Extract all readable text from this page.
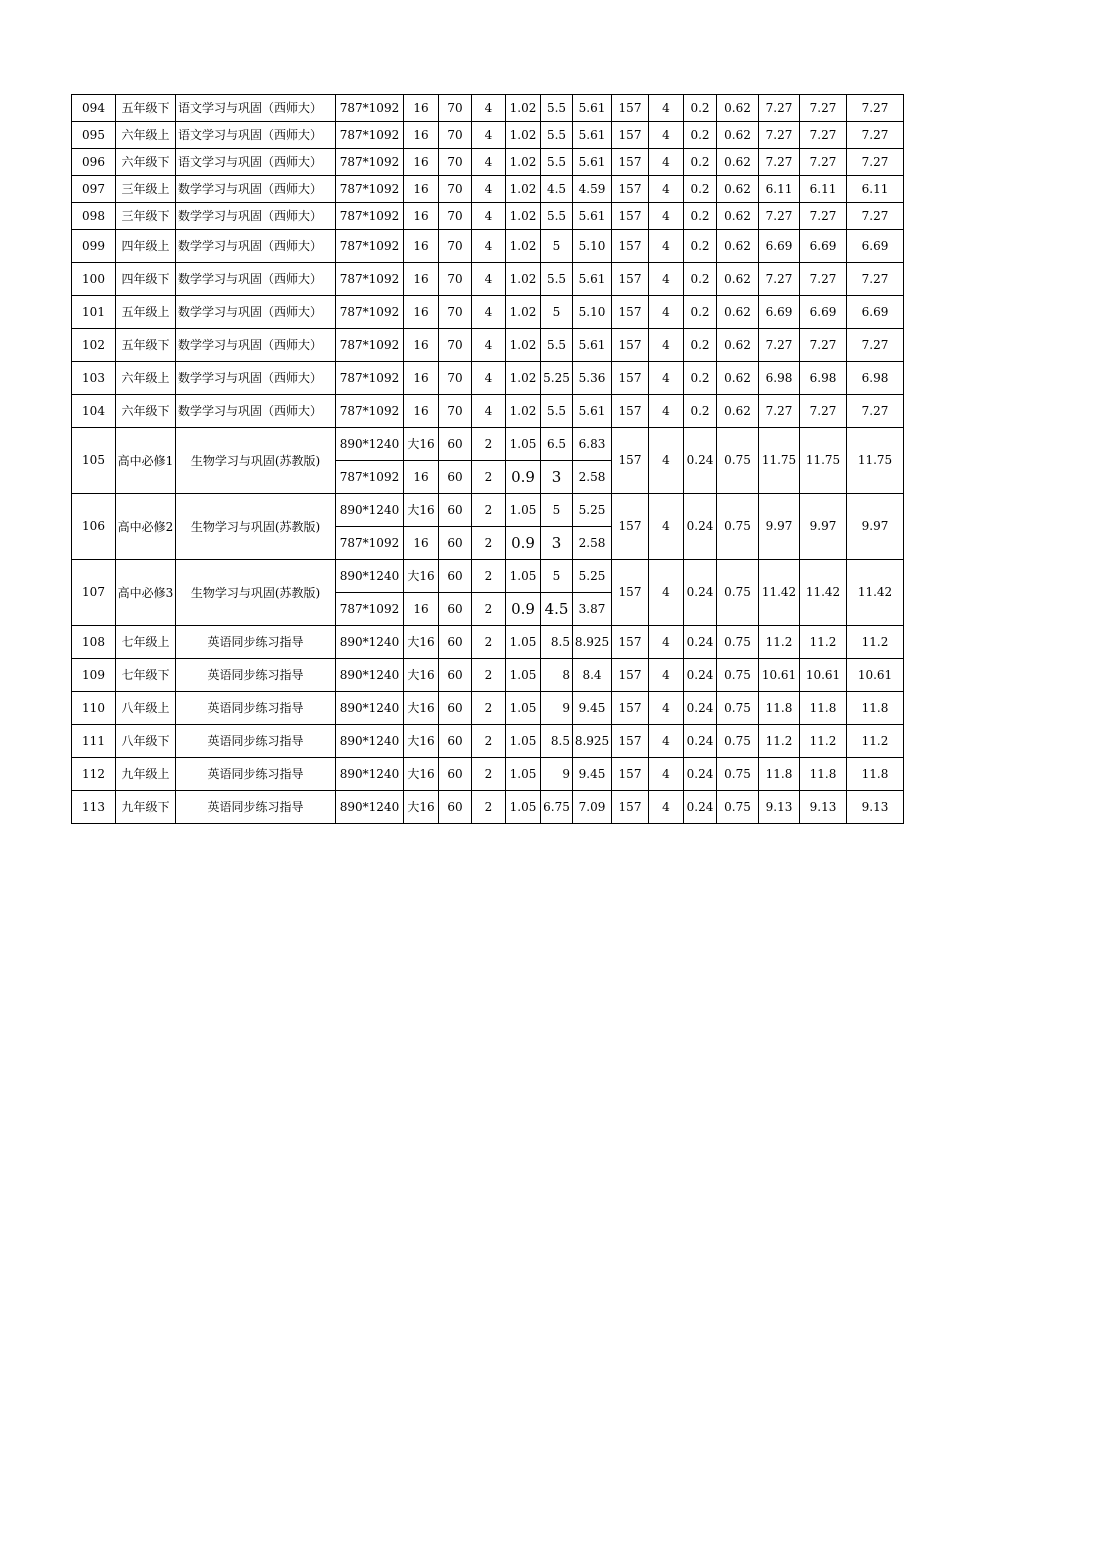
094	五年级下	语文学习与巩固（西师大）	787*1092	16	70	4	1.02	5.5	5.61	157	4	0.2	0.62	7.27	7.27	7.27
095	六年级上	语文学习与巩固（西师大）	787*1092	16	70	4	1.02	5.5	5.61	157	4	0.2	0.62	7.27	7.27	7.27
096	六年级下	语文学习与巩固（西师大）	787*1092	16	70	4	1.02	5.5	5.61	157	4	0.2	0.62	7.27	7.27	7.27
097	三年级上	数学学习与巩固（西师大）	787*1092	16	70	4	1.02	4.5	4.59	157	4	0.2	0.62	6.11	6.11	6.11
098	三年级下	数学学习与巩固（西师大）	787*1092	16	70	4	1.02	5.5	5.61	157	4	0.2	0.62	7.27	7.27	7.27
099	四年级上	数学学习与巩固（西师大）	787*1092	16	70	4	1.02	5	5.10	157	4	0.2	0.62	6.69	6.69	6.69
100	四年级下	数学学习与巩固（西师大）	787*1092	16	70	4	1.02	5.5	5.61	157	4	0.2	0.62	7.27	7.27	7.27
101	五年级上	数学学习与巩固（西师大）	787*1092	16	70	4	1.02	5	5.10	157	4	0.2	0.62	6.69	6.69	6.69
102	五年级下	数学学习与巩固（西师大）	787*1092	16	70	4	1.02	5.5	5.61	157	4	0.2	0.62	7.27	7.27	7.27
103	六年级上	数学学习与巩固（西师大）	787*1092	16	70	4	1.02	5.25	5.36	157	4	0.2	0.62	6.98	6.98	6.98
104	六年级下	数学学习与巩固（西师大）	787*1092	16	70	4	1.02	5.5	5.61	157	4	0.2	0.62	7.27	7.27	7.27
105	高中必修1	生物学习与巩固(苏教版)	890*1240	大16	60	2	1.05	6.5	6.83	157	4	0.24	0.75	11.75	11.75	11.75
			787*1092	16	60	2	0.9	3	2.58							
106	高中必修2	生物学习与巩固(苏教版)	890*1240	大16	60	2	1.05	5	5.25	157	4	0.24	0.75	9.97	9.97	9.97
			787*1092	16	60	2	0.9	3	2.58							
107	高中必修3	生物学习与巩固(苏教版)	890*1240	大16	60	2	1.05	5	5.25	157	4	0.24	0.75	11.42	11.42	11.42
			787*1092	16	60	2	0.9	4.5	3.87							
108	七年级上	英语同步练习指导	890*1240	大16	60	2	1.05	8.5	8.925	157	4	0.24	0.75	11.2	11.2	11.2
109	七年级下	英语同步练习指导	890*1240	大16	60	2	1.05	8	8.4	157	4	0.24	0.75	10.61	10.61	10.61
110	八年级上	英语同步练习指导	890*1240	大16	60	2	1.05	9	9.45	157	4	0.24	0.75	11.8	11.8	11.8
111	八年级下	英语同步练习指导	890*1240	大16	60	2	1.05	8.5	8.925	157	4	0.24	0.75	11.2	11.2	11.2
112	九年级上	英语同步练习指导	890*1240	大16	60	2	1.05	9	9.45	157	4	0.24	0.75	11.8	11.8	11.8
113	九年级下	英语同步练习指导	890*1240	大16	60	2	1.05	6.75	7.09	157	4	0.24	0.75	9.13	9.13	9.13
